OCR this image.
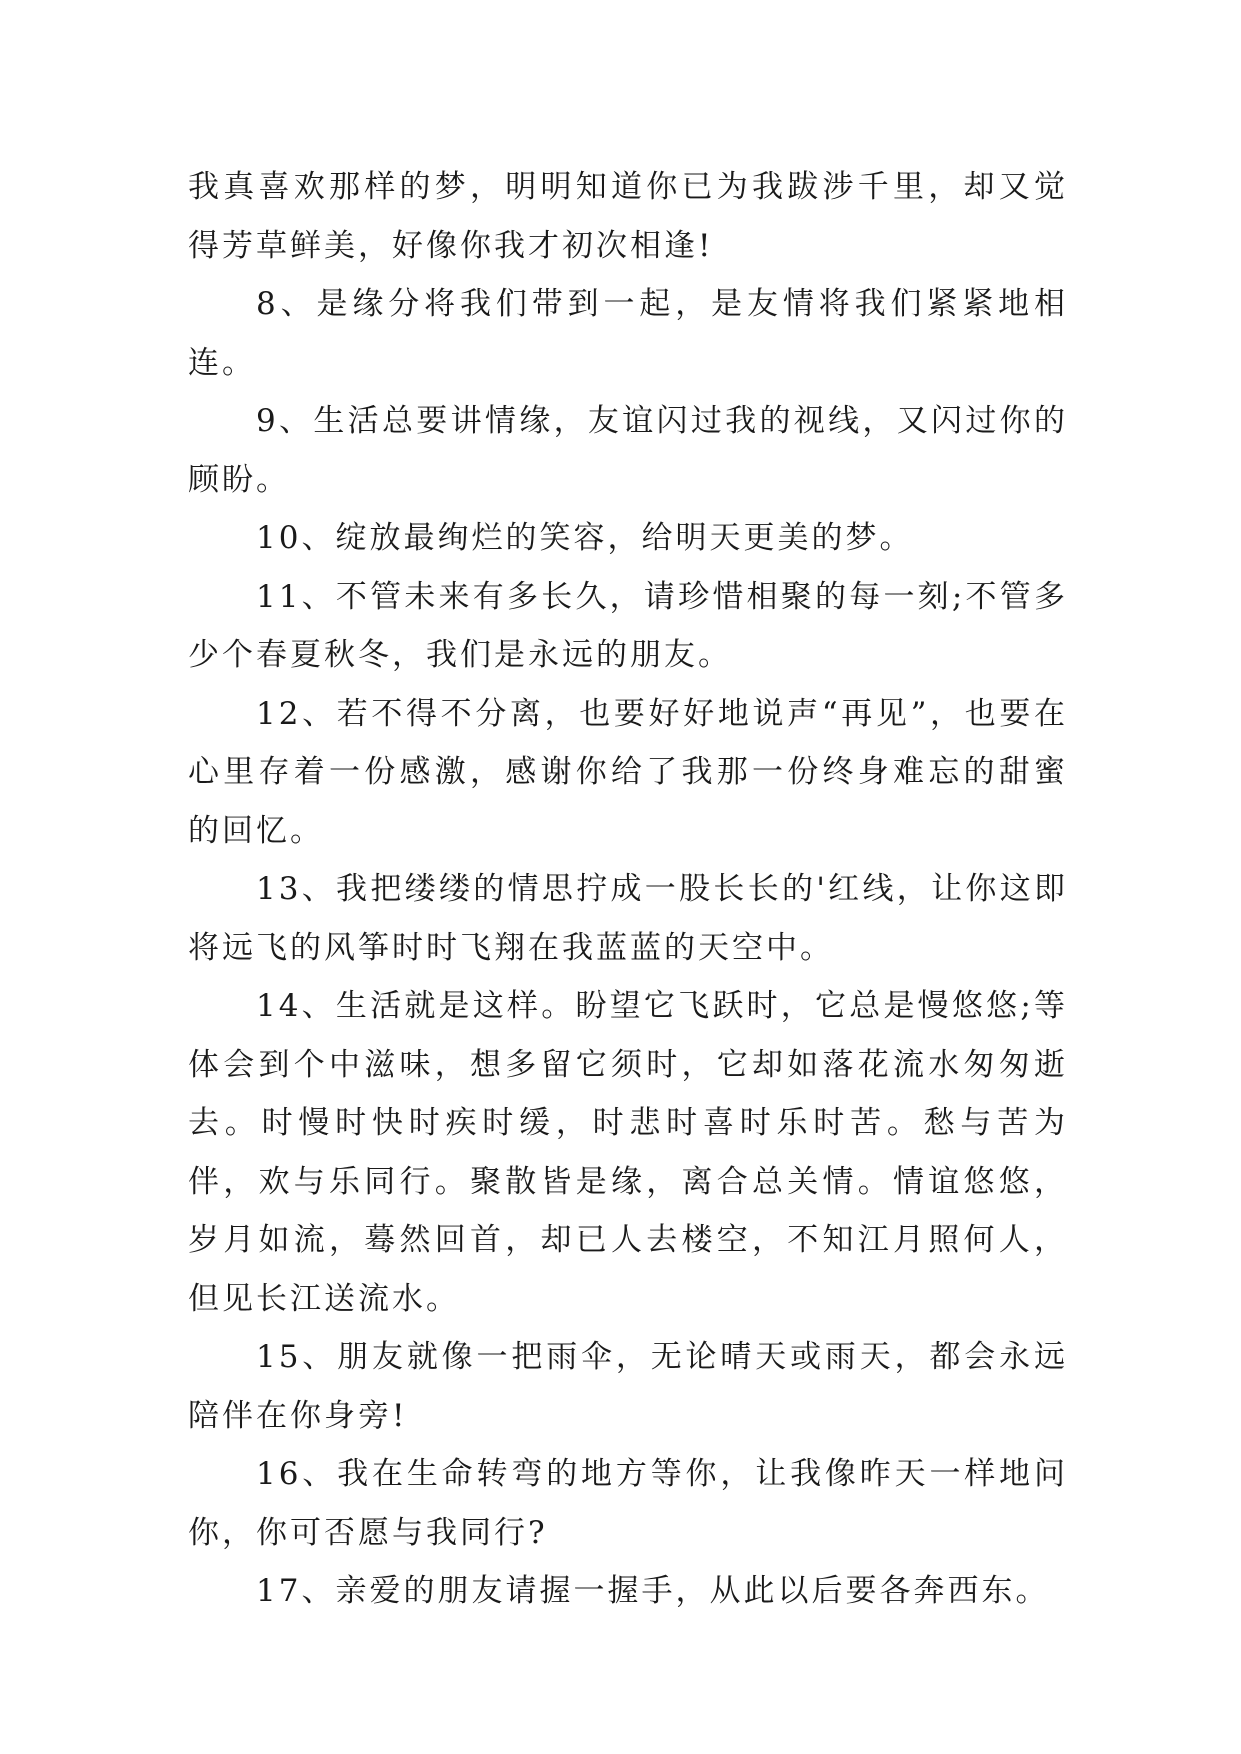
我真喜欢那样的梦，明明知道你已为我跋涉千里，却又觉得芳草鲜美，好像你我才初次相逢!

8、是缘分将我们带到一起，是友情将我们紧紧地相连。

9、生活总要讲情缘，友谊闪过我的视线，又闪过你的顾盼。

10、绽放最绚烂的笑容，给明天更美的梦。

11、不管未来有多长久，请珍惜相聚的每一刻;不管多少个春夏秋冬，我们是永远的朋友。

12、若不得不分离，也要好好地说声“再见”，也要在心里存着一份感激，感谢你给了我那一份终身难忘的甜蜜的回忆。

13、我把缕缕的情思拧成一股长长的'红线，让你这即将远飞的风筝时时飞翔在我蓝蓝的天空中。

14、生活就是这样。盼望它飞跃时，它总是慢悠悠;等体会到个中滋味，想多留它须时，它却如落花流水匆匆逝去。时慢时快时疾时缓，时悲时喜时乐时苦。愁与苦为伴，欢与乐同行。聚散皆是缘，离合总关情。情谊悠悠，岁月如流，蓦然回首，却已人去楼空，不知江月照何人，但见长江送流水。

15、朋友就像一把雨伞，无论晴天或雨天，都会永远陪伴在你身旁!

16、我在生命转弯的地方等你，让我像昨天一样地问你，你可否愿与我同行?

17、亲爱的朋友请握一握手，从此以后要各奔西东。
